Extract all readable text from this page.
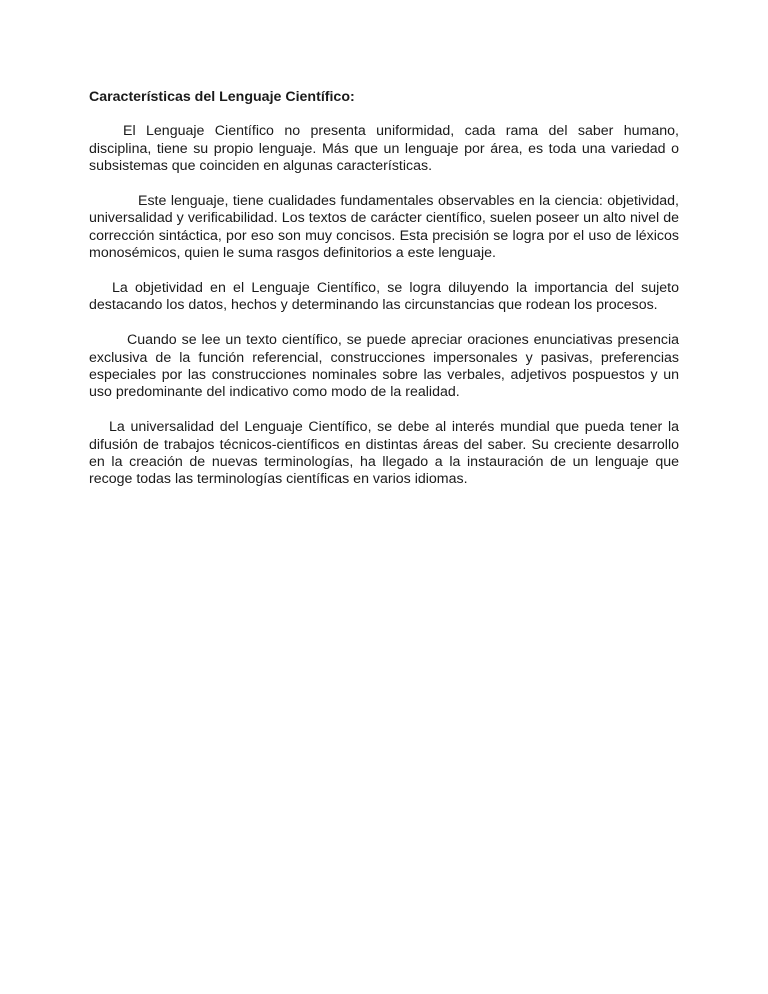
Características del Lenguaje Científico:

El Lenguaje Científico no presenta uniformidad, cada rama del saber humano, disciplina, tiene su propio lenguaje. Más que un lenguaje por área, es toda una variedad o subsistemas que coinciden en algunas características.

Este lenguaje, tiene cualidades fundamentales observables en la ciencia: objetividad, universalidad y verificabilidad. Los textos de carácter científico, suelen poseer un alto nivel de corrección sintáctica, por eso son muy concisos. Esta precisión se logra por el uso de léxicos monosémicos, quien le suma rasgos definitorios a este lenguaje.

La objetividad en el Lenguaje Científico, se logra diluyendo la importancia del sujeto destacando los datos, hechos y determinando las circunstancias que rodean los procesos.

Cuando se lee un texto científico, se puede apreciar oraciones enunciativas presencia exclusiva de la función referencial, construcciones impersonales y pasivas, preferencias especiales por las construcciones nominales sobre las verbales, adjetivos pospuestos y un uso predominante del indicativo como modo de la realidad.

La universalidad del Lenguaje Científico, se debe al interés mundial que pueda tener la difusión de trabajos técnicos-científicos en distintas áreas del saber. Su creciente desarrollo en la creación de nuevas terminologías, ha llegado a la instauración de un lenguaje que recoge todas las terminologías científicas en varios idiomas.
